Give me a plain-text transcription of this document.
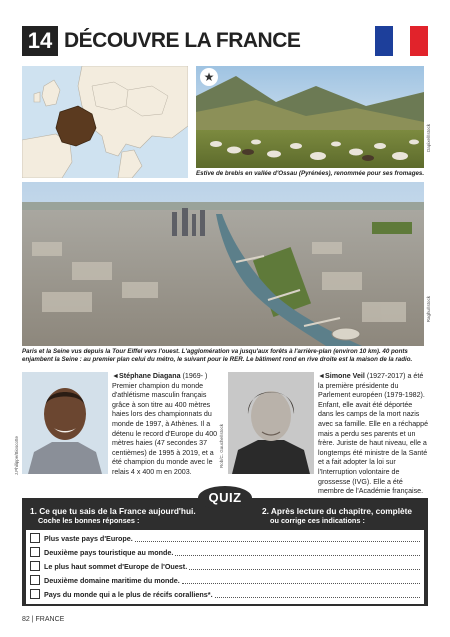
14 DÉCOUVRE LA FRANCE
★
Dapixel/Istock
Estive de brebis en vallée d'Ossau (Pyrénées), renommée pour ses fromages.
Raghu/Istock
Paris et la Seine vus depuis la Tour Eiffel vers l'ouest. L'agglomération va jusqu'aux forêts à l'arrière-plan (environ 10 km). 40 ponts enjambent la Seine : au premier plan celui du métro, le suivant pour le RER. Le bâtiment rond en rive droite est la maison de la radio.
J.Philippe/Bioscotte
◄Stéphane Diagana (1969- ) Premier champion du monde d'athlétisme masculin français grâce à son titre au 400 mètres haies lors des championnats du monde de 1997, à Athènes. Il a détenu le record d'Europe du 400 mètres haies (47 secondes 37 centièmes) de 1995 à 2019, et a été champion du monde avec le relais 4 x 400 m en 2003.
Rob/C. Gauche/Istock
◄Simone Veil (1927-2017) a été la première présidente du Parlement européen (1979-1982). Enfant, elle avait été déportée dans les camps de la mort nazis avec sa famille. Elle en a réchappé mais a perdu ses parents et un frère. Juriste de haut niveau, elle a longtemps été ministre de la Santé et a fait adopter la loi sur l'Interruption volontaire de grossesse (IVG). Elle a été membre de l'Académie française.
QUIZ
1. Ce que tu sais de la France aujourd'hui.
Coche les bonnes réponses :
2. Après lecture du chapitre, complète
ou corrige ces indications :
Plus vaste pays d'Europe.
Deuxième pays touristique au monde.
Le plus haut sommet d'Europe de l'Ouest.
Deuxième domaine maritime du monde.
Pays du monde qui a le plus de récifs coralliens*.
82 | FRANCE
